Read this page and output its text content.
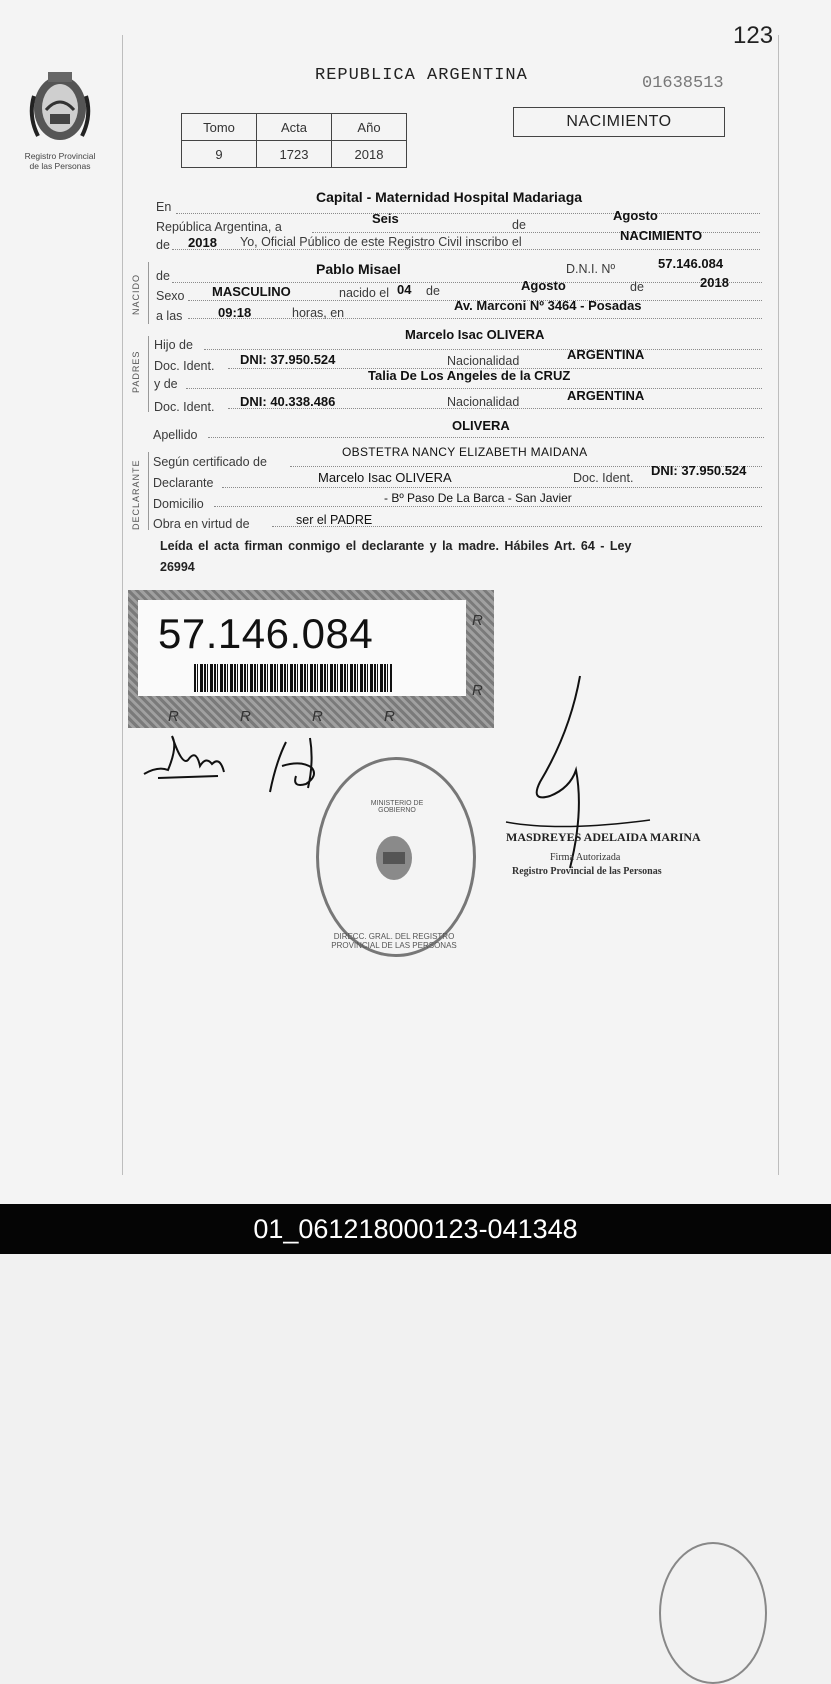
123
Registro Provincial
de las Personas
REPUBLICA ARGENTINA	01638513
Tomo	Acta	Año
9	1723	2018
NACIMIENTO
En
Capital - Maternidad Hospital Madariaga
República Argentina, a
Seis	de
Agosto
de 2018 Yo, Oficial Público de este Registro Civil inscribo el	NACIMIENTO
NACIDO de	Pablo Misael	D.N.I. Nº	57.146.084
Sexo MASCULINO	nacido el 04 de	Agosto	de	2018
a las	09:18	horas, en	Av. Marconi Nº 3464 - Posadas
PADRES
Hijo de
Marcelo Isac OLIVERA
Doc. Ident. DNI: 37.950.524	Nacionalidad	ARGENTINA
y de
Talia De Los Angeles de la CRUZ
Doc. Ident. DNI: 40.338.486	Nacionalidad	ARGENTINA
Apellido
OLIVERA
DECLARANTE Según certificado de
OBSTETRA NANCY ELIZABETH MAIDANA
Declarante	Marcelo Isac OLIVERA	Doc. Ident. DNI: 37.950.524
Domicilio	- Bº Paso De La Barca - San Javier
Obra en virtud de	ser el PADRE
Leída el acta firman conmigo el declarante y la madre. Hábiles Art. 64 - Ley
26994
57.146.084	R
R
R	R	R	R
DIRECC. GRAL. DEL REGISTRO PROVINCIAL DE LAS PERSONAS
MINISTERIO DE GOBIERNO
MASDREYES ADELAIDA MARINA
Firma Autorizada
Registro Provincial de las Personas
01_061218000123-041348
